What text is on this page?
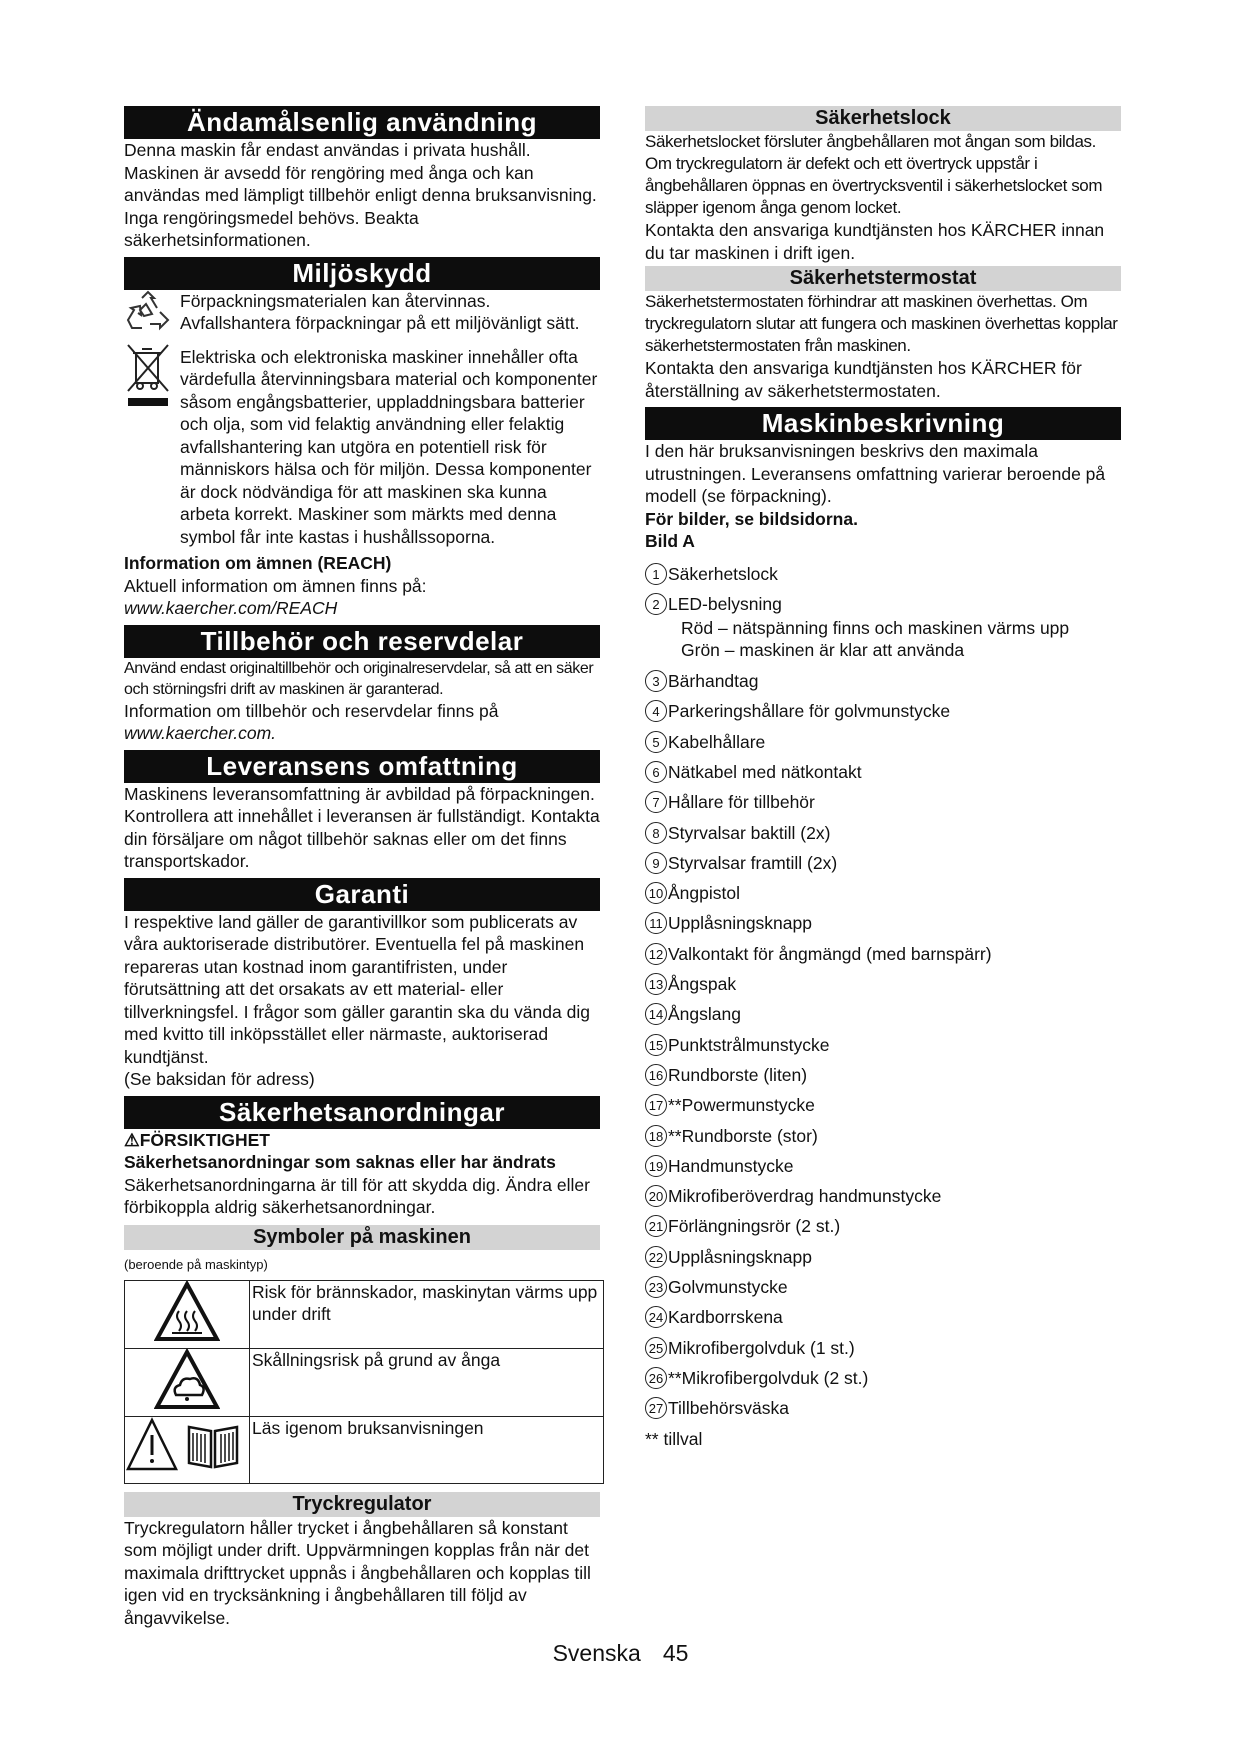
Ändamålsenlig användning

Denna maskin får endast användas i privata hushåll. Maskinen är avsedd för rengöring med ånga och kan användas med lämpligt tillbehör enligt denna bruksanvisning. Inga rengöringsmedel behövs. Beakta säkerhetsinformationen.

Miljöskydd

Förpackningsmaterialen kan återvinnas. Avfallshantera förpackningar på ett miljövänligt sätt.

Elektriska och elektroniska maskiner innehåller ofta värdefulla återvinningsbara material och komponenter såsom engångsbatterier, uppladdningsbara batterier och olja, som vid felaktig användning eller felaktig avfallshantering kan utgöra en potentiell risk för människors hälsa och för miljön. Dessa komponenter är dock nödvändiga för att maskinen ska kunna arbeta korrekt. Maskiner som märkts med denna symbol får inte kastas i hushållssoporna.

Information om ämnen (REACH)

Aktuell information om ämnen finns på: www.kaercher.com/REACH

Tillbehör och reservdelar

Använd endast originaltillbehör och originalreservdelar, så att en säker och störningsfri drift av maskinen är garanterad.

Information om tillbehör och reservdelar finns på www.kaercher.com.

Leveransens omfattning

Maskinens leveransomfattning är avbildad på förpackningen. Kontrollera att innehållet i leveransen är fullständigt. Kontakta din försäljare om något tillbehör saknas eller om det finns transportskador.

Garanti

I respektive land gäller de garantivillkor som publicerats av våra auktoriserade distributörer. Eventuella fel på maskinen repareras utan kostnad inom garantifristen, under förutsättning att det orsakats av ett material- eller tillverkningsfel. I frågor som gäller garantin ska du vända dig med kvitto till inköpsstället eller närmaste, auktoriserad kundtjänst.

(Se baksidan för adress)

Säkerhetsanordningar

⚠FÖRSIKTIGHET

Säkerhetsanordningar som saknas eller har ändrats

Säkerhetsanordningarna är till för att skydda dig. Ändra eller förbikoppla aldrig säkerhetsanordningar.

Symboler på maskinen

(beroende på maskintyp)

	Risk för brännskador, maskinytan värms upp under drift
	Skållningsrisk på grund av ånga
	Läs igenom bruksanvisningen
Tryckregulator

Tryckregulatorn håller trycket i ångbehållaren så konstant som möjligt under drift. Uppvärmningen kopplas från när det maximala drifttrycket uppnås i ångbehållaren och kopplas till igen vid en trycksänkning i ångbehållaren till följd av ångavvikelse.

Säkerhetslock

Säkerhetslocket försluter ångbehållaren mot ångan som bildas. Om tryckregulatorn är defekt och ett övertryck uppstår i ångbehållaren öppnas en övertrycksventil i säkerhetslocket som släpper igenom ånga genom locket.

Kontakta den ansvariga kundtjänsten hos KÄRCHER innan du tar maskinen i drift igen.

Säkerhetstermostat

Säkerhetstermostaten förhindrar att maskinen överhettas. Om tryckregulatorn slutar att fungera och maskinen överhettas kopplar säkerhetstermostaten från maskinen.

Kontakta den ansvariga kundtjänsten hos KÄRCHER för återställning av säkerhetstermostaten.

Maskinbeskrivning

I den här bruksanvisningen beskrivs den maximala utrustningen. Leveransens omfattning varierar beroende på modell (se förpackning).

För bilder, se bildsidorna.

Bild A

1 Säkerhetslock
2 LED-belysning
Röd – nätspänning finns och maskinen värms upp
Grön – maskinen är klar att använda
3 Bärhandtag
4 Parkeringshållare för golvmunstycke
5 Kabelhållare
6 Nätkabel med nätkontakt
7 Hållare för tillbehör
8 Styrvalsar baktill (2x)
9 Styrvalsar framtill (2x)
10 Ångpistol
11 Upplåsningsknapp
12 Valkontakt för ångmängd (med barnspärr)
13 Ångspak
14 Ångslang
15 Punktstrålmunstycke
16 Rundborste (liten)
17 **Powermunstycke
18 **Rundborste (stor)
19 Handmunstycke
20 Mikrofiberöverdrag handmunstycke
21 Förlängningsrör (2 st.)
22 Upplåsningsknapp
23 Golvmunstycke
24 Kardborrskena
25 Mikrofibergolvduk (1 st.)
26 **Mikrofibergolvduk (2 st.)
27 Tillbehörsväska

** tillval

Svenska 45
